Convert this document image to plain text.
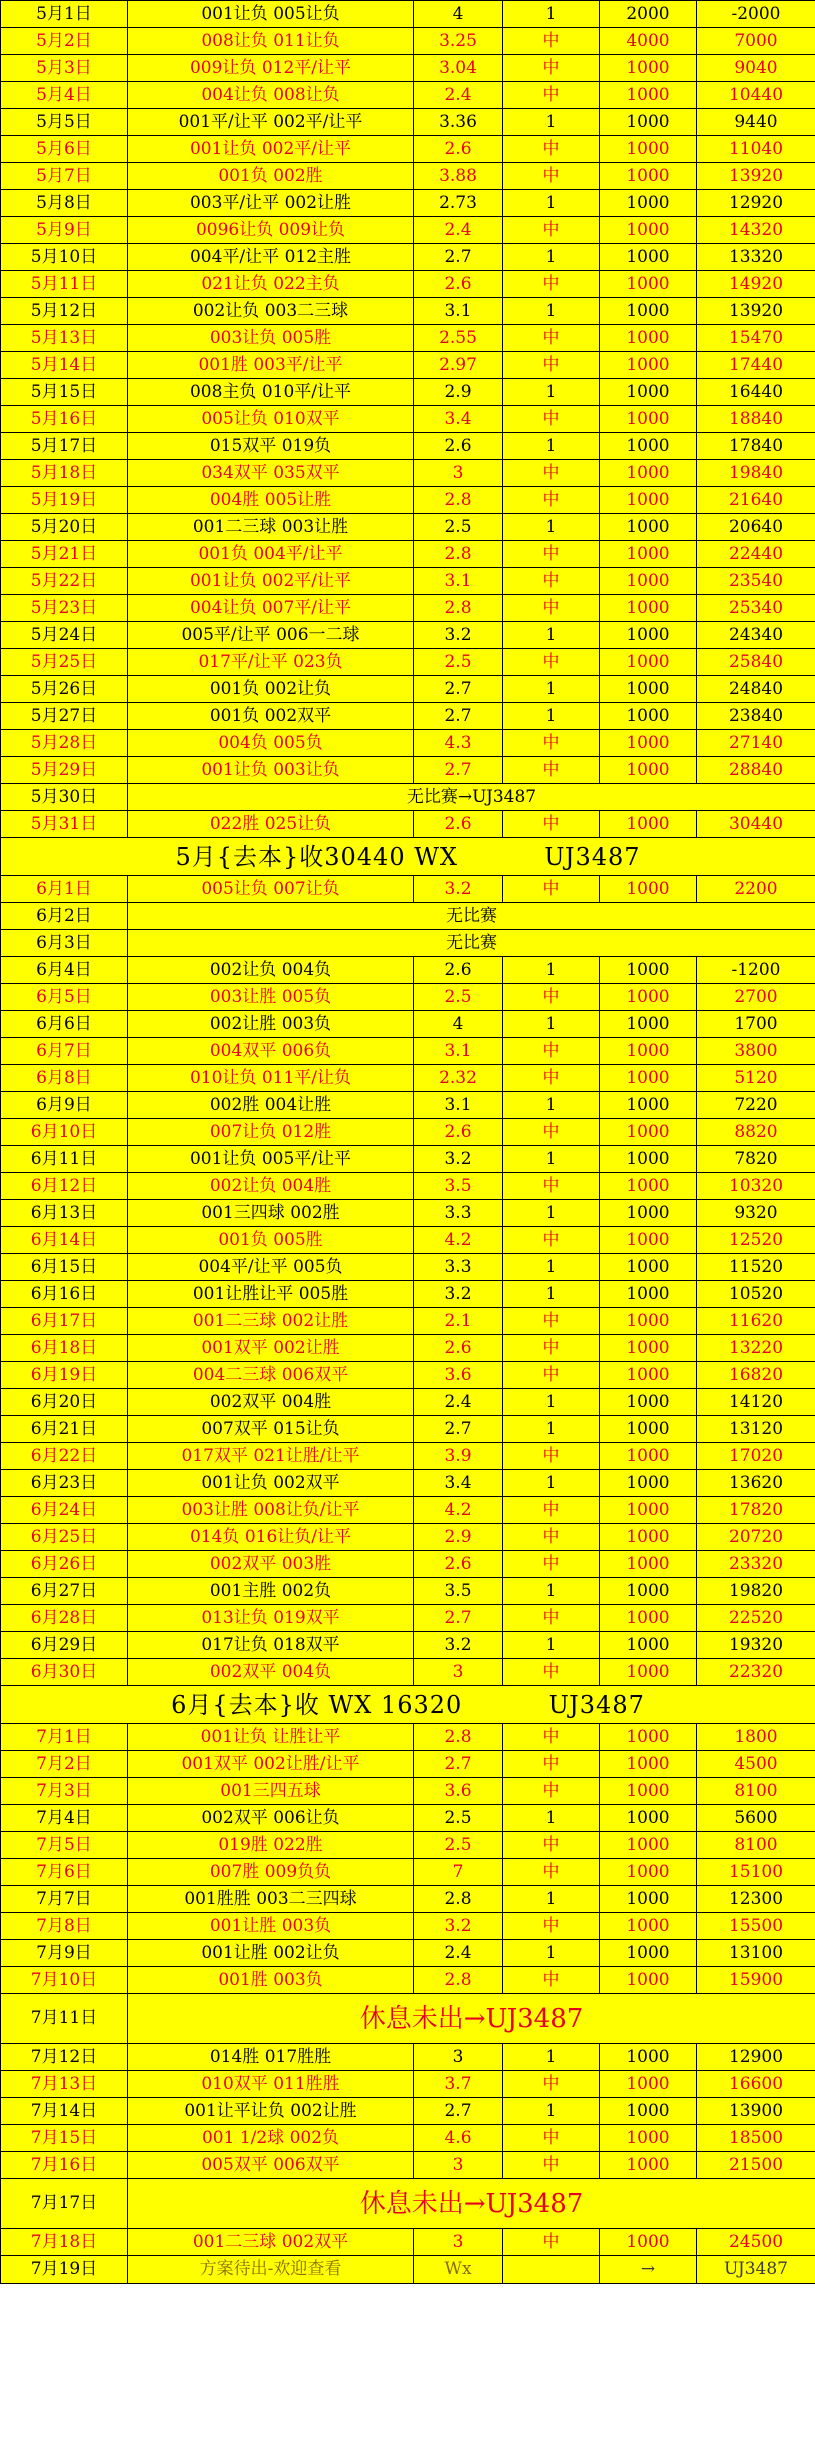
5月1日	001让负 005让负	4	1	2000	-2000
5月2日	008让负 011让负	3.25	中	4000	7000
5月3日	009让负 012平/让平	3.04	中	1000	9040
5月4日	004让负 008让负	2.4	中	1000	10440
5月5日	001平/让平 002平/让平	3.36	1	1000	9440
5月6日	001让负 002平/让平	2.6	中	1000	11040
5月7日	001负 002胜	3.88	中	1000	13920
5月8日	003平/让平 002让胜	2.73	1	1000	12920
5月9日	0096让负 009让负	2.4	中	1000	14320
5月10日	004平/让平 012主胜	2.7	1	1000	13320
5月11日	021让负 022主负	2.6	中	1000	14920
5月12日	002让负 003二三球	3.1	1	1000	13920
5月13日	003让负 005胜	2.55	中	1000	15470
5月14日	001胜 003平/让平	2.97	中	1000	17440
5月15日	008主负 010平/让平	2.9	1	1000	16440
5月16日	005让负 010双平	3.4	中	1000	18840
5月17日	015双平 019负	2.6	1	1000	17840
5月18日	034双平 035双平	3	中	1000	19840
5月19日	004胜 005让胜	2.8	中	1000	21640
5月20日	001二三球 003让胜	2.5	1	1000	20640
5月21日	001负 004平/让平	2.8	中	1000	22440
5月22日	001让负 002平/让平	3.1	中	1000	23540
5月23日	004让负 007平/让平	2.8	中	1000	25340
5月24日	005平/让平 006一二球	3.2	1	1000	24340
5月25日	017平/让平 023负	2.5	中	1000	25840
5月26日	001负 002让负	2.7	1	1000	24840
5月27日	001负 002双平	2.7	1	1000	23840
5月28日	004负 005负	4.3	中	1000	27140
5月29日	001让负 003让负	2.7	中	1000	28840
5月30日	无比赛→UJ3487				
5月31日	022胜 025让负	2.6	中	1000	30440
5月{去本}收30440 WX          UJ3487					
6月1日	005让负 007让负	3.2	中	1000	2200
6月2日	无比赛				
6月3日	无比赛				
6月4日	002让负 004负	2.6	1	1000	-1200
6月5日	003让胜 005负	2.5	中	1000	2700
6月6日	002让胜 003负	4	1	1000	1700
6月7日	004双平 006负	3.1	中	1000	3800
6月8日	010让负 011平/让负	2.32	中	1000	5120
6月9日	002胜 004让胜	3.1	1	1000	7220
6月10日	007让负 012胜	2.6	中	1000	8820
6月11日	001让负 005平/让平	3.2	1	1000	7820
6月12日	002让负 004胜	3.5	中	1000	10320
6月13日	001三四球 002胜	3.3	1	1000	9320
6月14日	001负 005胜	4.2	中	1000	12520
6月15日	004平/让平 005负	3.3	1	1000	11520
6月16日	001让胜让平 005胜	3.2	1	1000	10520
6月17日	001二三球 002让胜	2.1	中	1000	11620
6月18日	001双平 002让胜	2.6	中	1000	13220
6月19日	004二三球 006双平	3.6	中	1000	16820
6月20日	002双平 004胜	2.4	1	1000	14120
6月21日	007双平 015让负	2.7	1	1000	13120
6月22日	017双平 021让胜/让平	3.9	中	1000	17020
6月23日	001让负 002双平	3.4	1	1000	13620
6月24日	003让胜 008让负/让平	4.2	中	1000	17820
6月25日	014负 016让负/让平	2.9	中	1000	20720
6月26日	002双平 003胜	2.6	中	1000	23320
6月27日	001主胜 002负	3.5	1	1000	19820
6月28日	013让负 019双平	2.7	中	1000	22520
6月29日	017让负 018双平	3.2	1	1000	19320
6月30日	002双平 004负	3	中	1000	22320
6月{去本}收 WX 16320          UJ3487					
7月1日	001让负 让胜让平	2.8	中	1000	1800
7月2日	001双平 002让胜/让平	2.7	中	1000	4500
7月3日	001三四五球	3.6	中	1000	8100
7月4日	002双平 006让负	2.5	1	1000	5600
7月5日	019胜 022胜	2.5	中	1000	8100
7月6日	007胜 009负负	7	中	1000	15100
7月7日	001胜胜 003二三四球	2.8	1	1000	12300
7月8日	001让胜 003负	3.2	中	1000	15500
7月9日	001让胜 002让负	2.4	1	1000	13100
7月10日	001胜 003负	2.8	中	1000	15900
7月11日	休息未出→UJ3487				
7月12日	014胜 017胜胜	3	1	1000	12900
7月13日	010双平 011胜胜	3.7	中	1000	16600
7月14日	001让平让负 002让胜	2.7	1	1000	13900
7月15日	001 1/2球 002负	4.6	中	1000	18500
7月16日	005双平 006双平	3	中	1000	21500
7月17日	休息未出→UJ3487				
7月18日	001二三球 002双平	3	中	1000	24500
7月19日	方案待出-欢迎查看	Wx		→	UJ3487
